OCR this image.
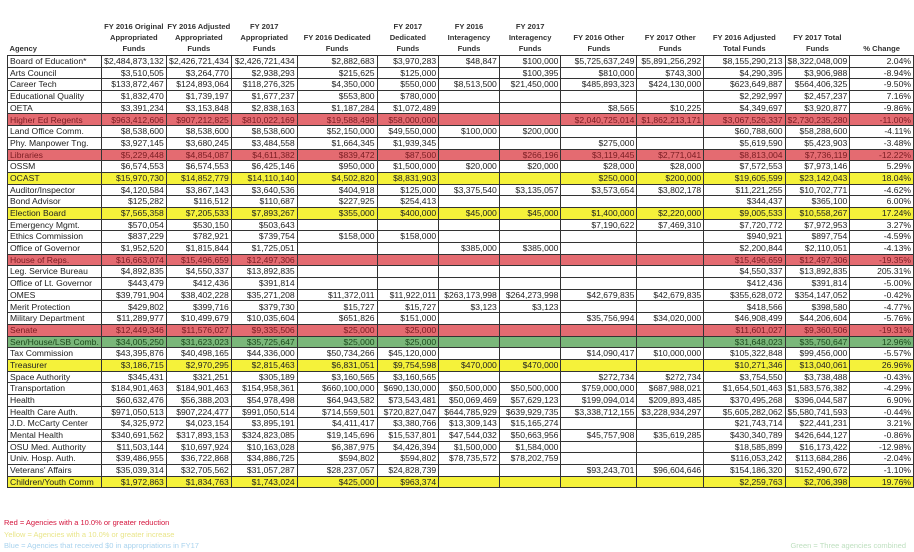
Agency	FY 2016 Original Appropriated Funds	FY 2016 Adjusted Appropriated Funds	FY 2017 Appropriated Funds	FY 2016 Dedicated Funds	FY 2017 Dedicated Funds	FY 2016 Interagency Funds	FY 2017 Interagency Funds	FY 2016 Other Funds	FY 2017 Other Funds	FY 2016 Adjusted Total Funds	FY 2017 Total Funds	% Change
Board of Education*	$2,484,873,132	$2,426,721,434	$2,426,721,434	$2,882,683	$3,970,283	$48,847	$100,000	$5,725,637,249	$5,891,256,292	$8,155,290,213	$8,322,048,009	2.04%
Arts Council	$3,510,505	$3,264,770	$2,938,293	$215,625	$125,000		$100,395	$810,000	$743,300	$4,290,395	$3,906,988	-8.94%
Career Tech	$133,872,467	$124,893,064	$118,276,325	$4,350,000	$550,000	$8,513,500	$21,450,000	$485,893,323	$424,130,000	$623,649,887	$564,406,325	-9.50%
Educational Quality	$1,832,470	$1,739,197	$1,677,237	$553,800	$780,000					$2,292,997	$2,457,237	7.16%
OETA	$3,391,234	$3,153,848	$2,838,163	$1,187,284	$1,072,489			$8,565	$10,225	$4,349,697	$3,920,877	-9.86%
Higher Ed Regents	$963,412,606	$907,212,825	$810,022,169	$19,588,498	$58,000,000			$2,040,725,014	$1,862,213,171	$3,067,526,337	$2,730,235,280	-11.00%
Land Office Comm.	$8,538,600	$8,538,600	$8,538,600	$52,150,000	$49,550,000	$100,000	$200,000			$60,788,600	$58,288,600	-4.11%
Phy. Manpower Tng.	$3,927,145	$3,680,245	$3,484,558	$1,664,345	$1,939,345			$275,000		$5,619,590	$5,423,903	-3.48%
Libraries	$5,229,448	$4,854,087	$4,611,382	$839,472	$87,500		$266,196	$3,119,445	$2,771,041	$8,813,004	$7,736,119	-12.22%
OSSM	$6,574,553	$6,574,553	$6,425,146	$950,000	$1,500,000	$20,000	$20,000	$28,000	$28,000	$7,572,553	$7,973,146	5.29%
OCAST	$15,970,730	$14,852,779	$14,110,140	$4,502,820	$8,831,903			$250,000	$200,000	$19,605,599	$23,142,043	18.04%
Auditor/Inspector	$4,120,584	$3,867,143	$3,640,536	$404,918	$125,000	$3,375,540	$3,135,057	$3,573,654	$3,802,178	$11,221,255	$10,702,771	-4.62%
Bond Advisor	$125,282	$116,512	$110,687	$227,925	$254,413					$344,437	$365,100	6.00%
Election Board	$7,565,358	$7,205,533	$7,893,267	$355,000	$400,000	$45,000	$45,000	$1,400,000	$2,220,000	$9,005,533	$10,558,267	17.24%
Emergency Mgmt.	$570,054	$530,150	$503,643					$7,190,622	$7,469,310	$7,720,772	$7,972,953	3.27%
Ethics Commission	$837,229	$782,921	$739,754	$158,000	$158,000					$940,921	$897,754	-4.59%
Office of Governor	$1,952,520	$1,815,844	$1,725,051			$385,000	$385,000			$2,200,844	$2,110,051	-4.13%
House of Reps.	$16,663,074	$15,496,659	$12,497,306							$15,496,659	$12,497,306	-19.35%
Leg. Service Bureau	$4,892,835	$4,550,337	$13,892,835							$4,550,337	$13,892,835	205.31%
Office of Lt. Governor	$443,479	$412,436	$391,814							$412,436	$391,814	-5.00%
OMES	$39,791,904	$38,402,228	$35,271,208	$11,372,011	$11,922,011	$263,173,998	$264,273,998	$42,679,835	$42,679,835	$355,628,072	$354,147,052	-0.42%
Merit Protection	$429,802	$399,716	$379,730	$15,727	$15,727	$3,123	$3,123			$418,566	$398,580	-4.77%
Military Department	$11,289,977	$10,499,679	$10,035,604	$651,826	$151,000			$35,756,994	$34,020,000	$46,908,499	$44,206,604	-5.76%
Senate	$12,449,346	$11,576,027	$9,335,506	$25,000	$25,000					$11,601,027	$9,360,506	-19.31%
Sen/House/LSB Comb.	$34,005,250	$31,623,023	$35,725,647	$25,000	$25,000					$31,648,023	$35,750,647	12.96%
Tax Commission	$43,395,876	$40,498,165	$44,336,000	$50,734,266	$45,120,000			$14,090,417	$10,000,000	$105,322,848	$99,456,000	-5.57%
Treasurer	$3,186,715	$2,970,295	$2,815,463	$6,831,051	$9,754,598	$470,000	$470,000			$10,271,346	$13,040,061	26.96%
Space Authority	$345,431	$321,251	$305,189	$3,160,565	$3,160,565			$272,734	$272,734	$3,754,550	$3,738,488	-0.43%
Transportation	$184,901,463	$184,901,463	$154,958,361	$660,100,000	$690,130,000	$50,500,000	$50,500,000	$759,000,000	$687,988,021	$1,654,501,463	$1,583,576,382	-4.29%
Health	$60,632,476	$56,388,203	$54,978,498	$64,943,582	$73,543,481	$50,069,469	$57,629,123	$199,094,014	$209,893,485	$370,495,268	$396,044,587	6.90%
Health Care Auth.	$971,050,513	$907,224,477	$991,050,514	$714,559,501	$720,827,047	$644,785,929	$639,929,735	$3,338,712,155	$3,228,934,297	$5,605,282,062	$5,580,741,593	-0.44%
J.D. McCarty Center	$4,325,972	$4,023,154	$3,895,191	$4,411,417	$3,380,766	$13,309,143	$15,165,274			$21,743,714	$22,441,231	3.21%
Mental Health	$340,691,562	$317,893,153	$324,823,085	$19,145,696	$15,537,801	$47,544,032	$50,663,956	$45,757,908	$35,619,285	$430,340,789	$426,644,127	-0.86%
OSU Med. Authority	$11,503,144	$10,697,924	$10,163,028	$6,387,975	$4,426,394	$1,500,000	$1,584,000			$18,585,899	$16,173,422	-12.98%
Univ. Hosp. Auth.	$39,486,955	$36,722,868	$34,886,725	$594,802	$594,802	$78,735,572	$78,202,759			$116,053,242	$113,684,286	-2.04%
Veterans' Affairs	$35,039,314	$32,705,562	$31,057,287	$28,237,057	$24,828,739			$93,243,701	$96,604,646	$154,186,320	$152,490,672	-1.10%
Children/Youth Comm	$1,972,863	$1,834,763	$1,743,024	$425,000	$963,374					$2,259,763	$2,706,398	19.76%
Red = Agencies with a 10.0% or greater reduction
Yellow = Agencies with a 10.0% or greater increase
Blue = Agencies that received $0 in appropriations in FY17	Green = Three agencies combined
